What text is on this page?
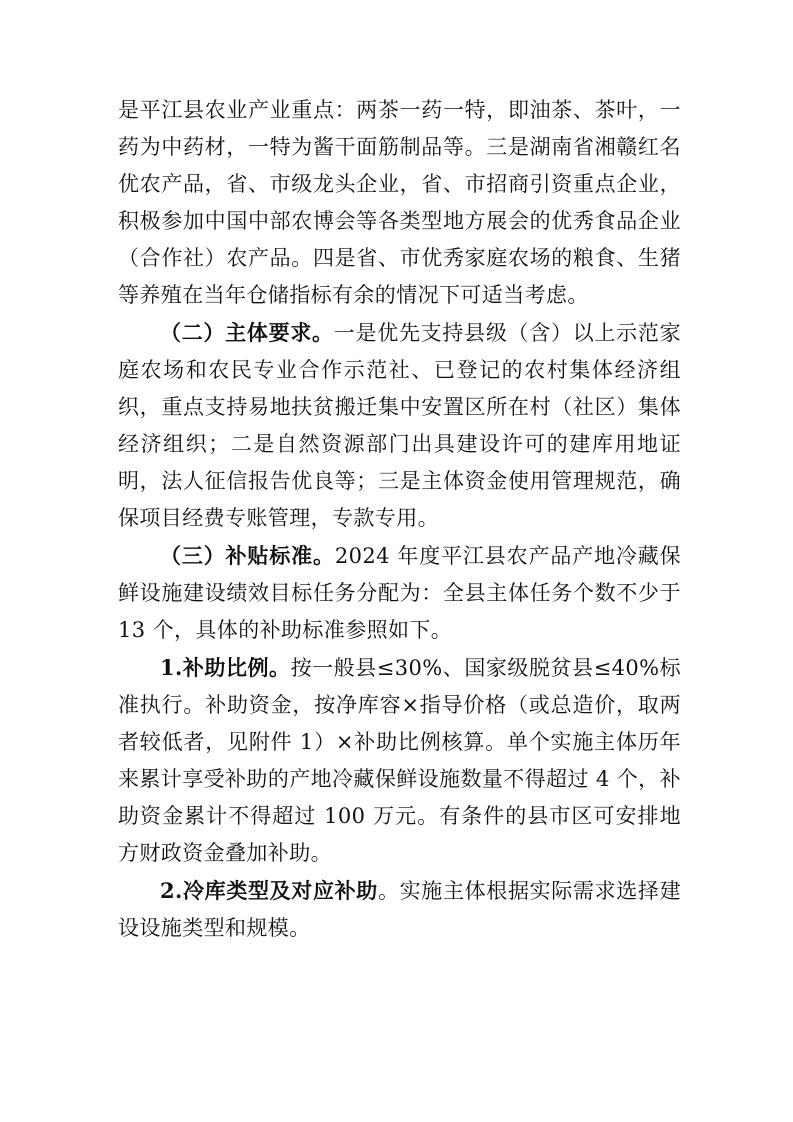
是平江县农业产业重点：两茶一药一特，即油茶、茶叶，一药为中药材，一特为酱干面筋制品等。三是湖南省湘赣红名优农产品，省、市级龙头企业，省、市招商引资重点企业，积极参加中国中部农博会等各类型地方展会的优秀食品企业（合作社）农产品。四是省、市优秀家庭农场的粮食、生猪等养殖在当年仓储指标有余的情况下可适当考虑。

（二）主体要求。一是优先支持县级（含）以上示范家庭农场和农民专业合作示范社、已登记的农村集体经济组织，重点支持易地扶贫搬迁集中安置区所在村（社区）集体经济组织；二是自然资源部门出具建设许可的建库用地证明，法人征信报告优良等；三是主体资金使用管理规范，确保项目经费专账管理，专款专用。

（三）补贴标准。2024 年度平江县农产品产地冷藏保鲜设施建设绩效目标任务分配为：全县主体任务个数不少于 13 个，具体的补助标准参照如下。

1.补助比例。按一般县≤30%、国家级脱贫县≤40%标准执行。补助资金，按净库容×指导价格（或总造价，取两者较低者，见附件 1）×补助比例核算。单个实施主体历年来累计享受补助的产地冷藏保鲜设施数量不得超过 4 个，补助资金累计不得超过 100 万元。有条件的县市区可安排地方财政资金叠加补助。

2.冷库类型及对应补助。实施主体根据实际需求选择建设设施类型和规模。
